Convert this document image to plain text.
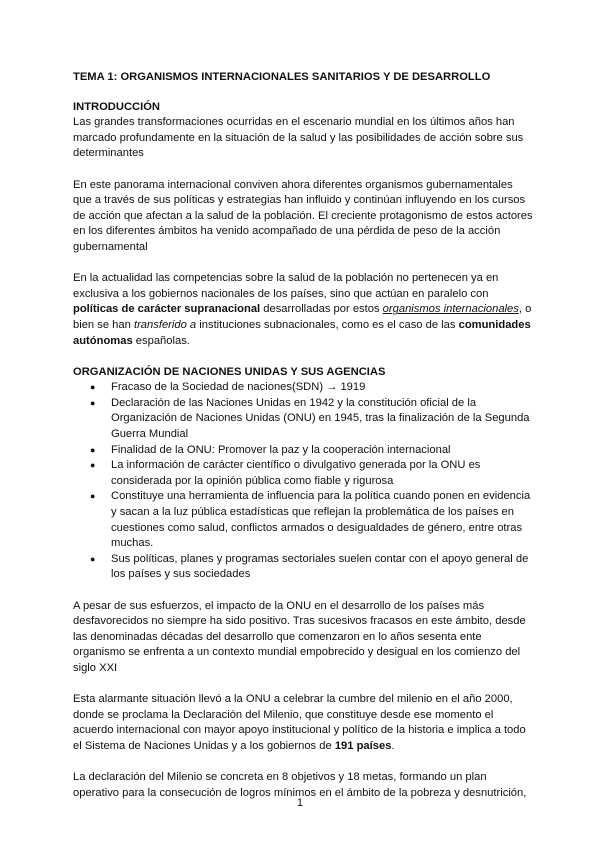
TEMA 1: ORGANISMOS INTERNACIONALES SANITARIOS Y DE DESARROLLO
INTRODUCCIÓN

Las grandes transformaciones ocurridas en el escenario mundial en los últimos años han marcado profundamente en la situación de la salud y las posibilidades de acción sobre sus determinantes

En este panorama internacional conviven ahora diferentes organismos gubernamentales que a través de sus políticas y estrategias han influido y continúan influyendo en los cursos de acción que afectan a la salud de la población. El creciente protagonismo de estos actores en los diferentes ámbitos ha venido acompañado de una pérdida de peso de la acción gubernamental

En la actualidad las competencias sobre la salud de la población no pertenecen ya en exclusiva a los gobiernos nacionales de los países, sino que actúan en paralelo con políticas de carácter supranacional desarrolladas por estos organismos internacionales, o bien se han transferido a instituciones subnacionales, como es el caso de las comunidades autónomas españolas.

ORGANIZACIÓN DE NACIONES UNIDAS Y SUS AGENCIAS
● Fracaso de la Sociedad de naciones(SDN) → 1919
● Declaración de las Naciones Unidas en 1942 y la constitución oficial de la Organización de Naciones Unidas (ONU) en 1945, tras la finalización de la Segunda Guerra Mundial
● Finalidad de la ONU: Promover la paz y la cooperación internacional
● La información de carácter científico o divulgativo generada por la ONU es considerada por la opinión pública como fiable y rigurosa
● Constituye una herramienta de influencia para la política cuando ponen en evidencia y sacan a la luz pública estadísticas que reflejan la problemática de los países en cuestiones como salud, conflictos armados o desigualdades de género, entre otras muchas.
● Sus políticas, planes y programas sectoriales suelen contar con el apoyo general de los países y sus sociedades

A pesar de sus esfuerzos, el impacto de la ONU en el desarrollo de los países más desfavorecidos no siempre ha sido positivo. Tras sucesivos fracasos en este ámbito, desde las denominadas décadas del desarrollo que comenzaron en lo años sesenta ente organismo se enfrenta a un contexto mundial empobrecido y desigual en los comienzo del siglo XXI

Esta alarmante situación llevó a la ONU a celebrar la cumbre del milenio en el año 2000, donde se proclama la Declaración del Milenio, que constituye desde ese momento el acuerdo internacional con mayor apoyo institucional y político de la historia e implica a todo el Sistema de Naciones Unidas y a los gobiernos de 191 países.

La declaración del Milenio se concreta en 8 objetivos y 18 metas, formando un plan operativo para la consecución de logros mínimos en el ámbito de la pobreza y desnutrición,

1
